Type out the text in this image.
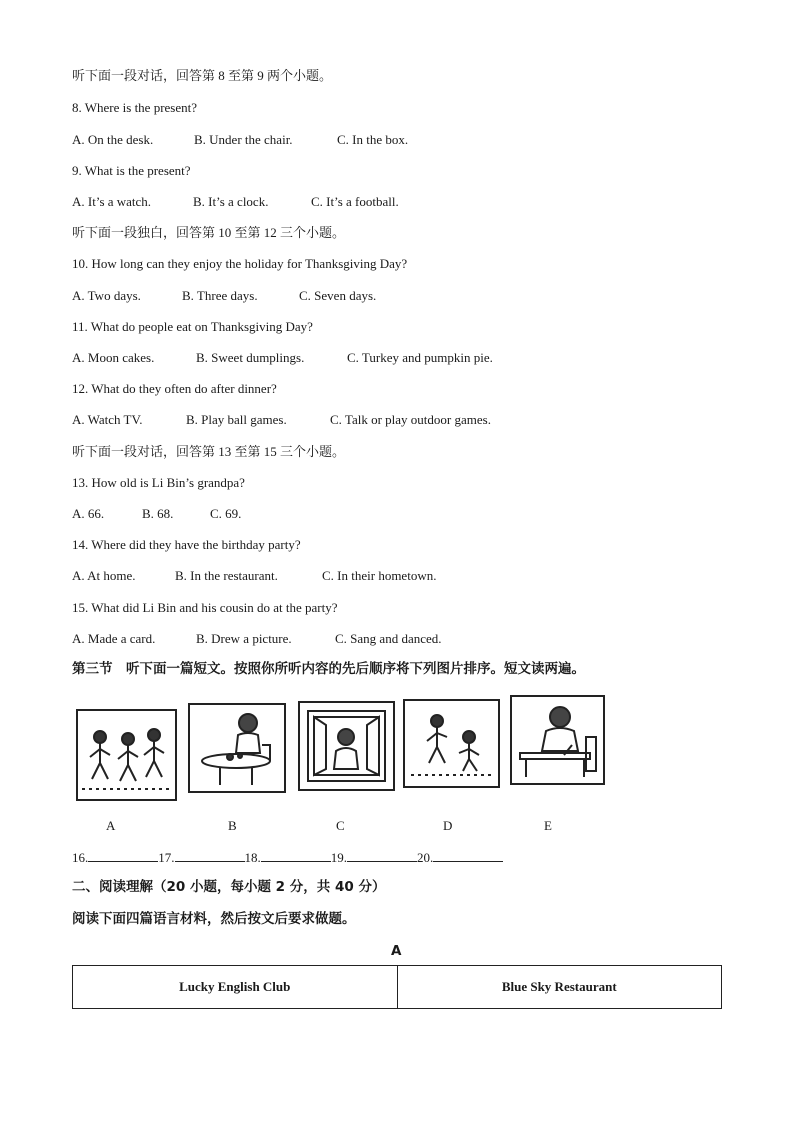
听下面一段对话，回答第 8 至第 9 两个小题。
8. Where is the present?
A. On the desk.	B. Under the chair.	C. In the box.
9. What is the present?
A. It’s a watch.	B. It’s a clock.	C. It’s a football.
听下面一段独白，回答第 10 至第 12 三个小题。
10. How long can they enjoy the holiday for Thanksgiving Day?
A. Two days.	B. Three days.	C. Seven days.
11. What do people eat on Thanksgiving Day?
A. Moon cakes.	B. Sweet dumplings.	C. Turkey and pumpkin pie.
12. What do they often do after dinner?
A. Watch TV.	B. Play ball games.	C. Talk or play outdoor games.
听下面一段对话，回答第 13 至第 15 三个小题。
13. How old is Li Bin’s grandpa?
A. 66.	B. 68.	C. 69.
14. Where did they have the birthday party?
A. At home.	B. In the restaurant.	C. In their hometown.
15. What did Li Bin and his cousin do at the party?
A. Made a card.	B. Drew a picture.	C. Sang and danced.
第三节　听下面一篇短文。按照你所听内容的先后顺序将下列图片排序。短文读两遍。
A	B	C	D	E
16.	17.	18.	19.	20.
二、阅读理解（20 小题，每小题 2 分，共 40 分）
阅读下面四篇语言材料，然后按文后要求做题。
A
Lucky English Club	Blue Sky Restaurant
